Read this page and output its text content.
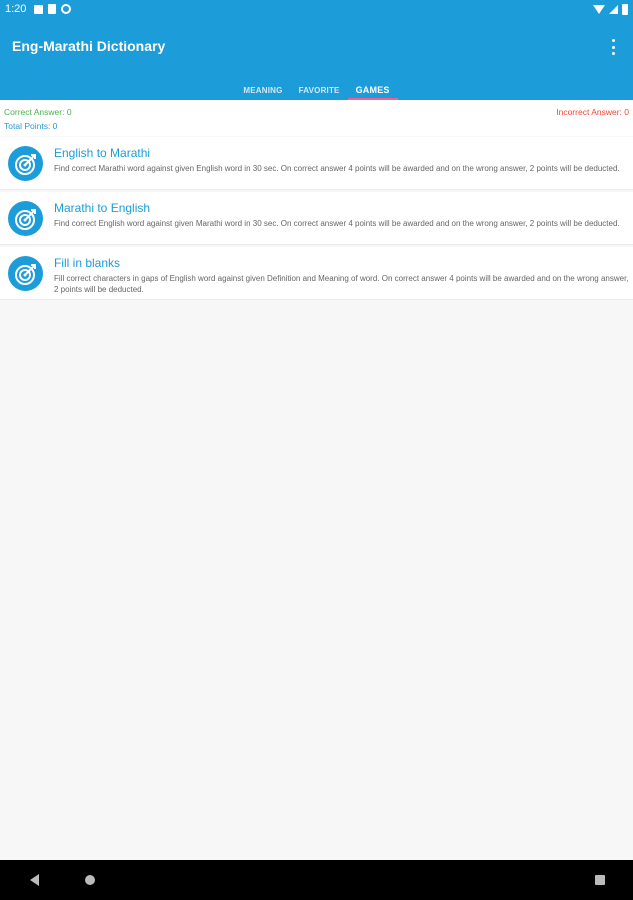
1:20
Eng-Marathi Dictionary
MEANING	FAVORITE	GAMES
Correct Answer: 0	Incorrect Answer: 0
Total Points: 0
English to Marathi
Find correct Marathi word against given English word in 30 sec. On correct answer 4 points will be awarded and on the wrong answer, 2 points will be deducted.
Marathi to English
Find correct English word against given Marathi word in 30 sec. On correct answer 4 points will be awarded and on the wrong answer, 2 points will be deducted.
Fill in blanks
Fill correct characters in gaps of English word against given Definition and Meaning of word. On correct answer 4 points will be awarded and on the wrong answer, 2 points will be deducted.
